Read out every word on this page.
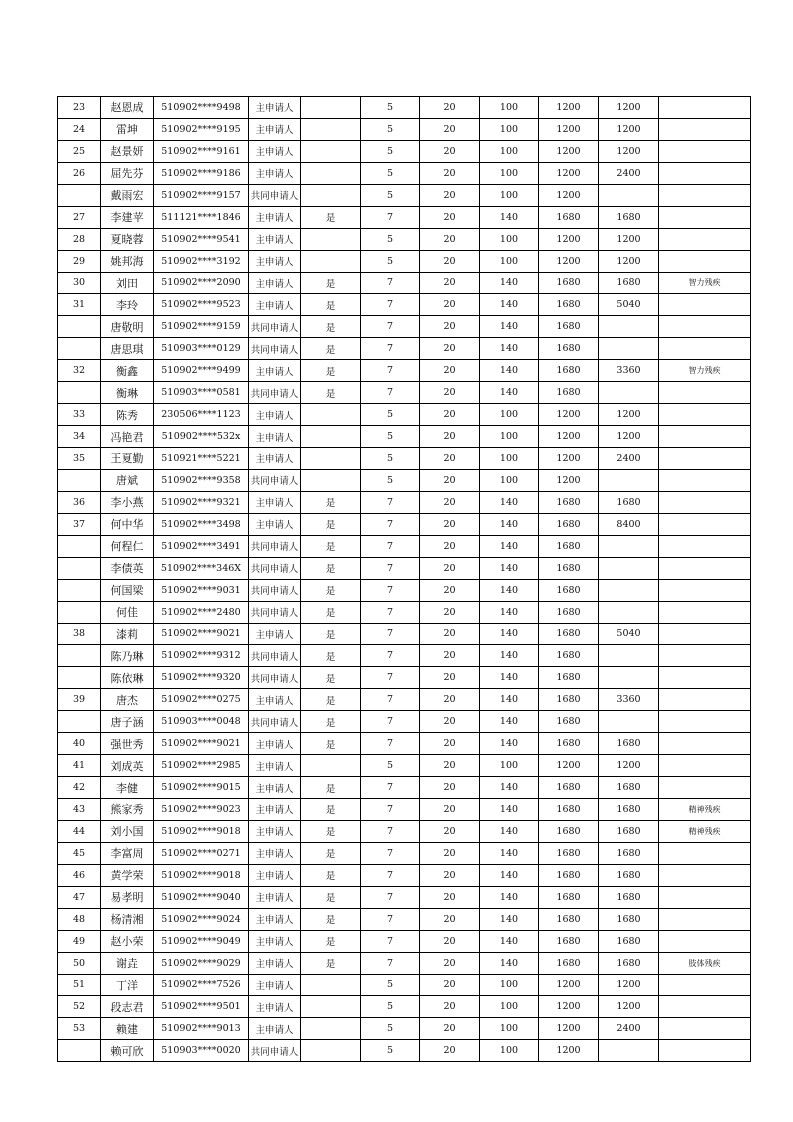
23	赵恩成	510902****9498	主申请人		5	20	100	1200	1200	
24	雷坤	510902****9195	主申请人		5	20	100	1200	1200	
25	赵景妍	510902****9161	主申请人		5	20	100	1200	1200	
26	屈先芬	510902****9186	主申请人		5	20	100	1200	2400	
	戴雨宏	510902****9157	共同申请人		5	20	100	1200		
27	李建苹	511121****1846	主申请人	是	7	20	140	1680	1680	
28	夏晓蓉	510902****9541	主申请人		5	20	100	1200	1200	
29	姚邦海	510902****3192	主申请人		5	20	100	1200	1200	
30	刘田	510902****2090	主申请人	是	7	20	140	1680	1680	智力残疾
31	李玲	510902****9523	主申请人	是	7	20	140	1680	5040	
	唐敬明	510902****9159	共同申请人	是	7	20	140	1680		
	唐思琪	510903****0129	共同申请人	是	7	20	140	1680		
32	衡鑫	510902****9499	主申请人	是	7	20	140	1680	3360	智力残疾
	衡琳	510903****0581	共同申请人	是	7	20	140	1680		
33	陈秀	230506****1123	主申请人		5	20	100	1200	1200	
34	冯艳君	510902****532x	主申请人		5	20	100	1200	1200	
35	王夏勤	510921****5221	主申请人		5	20	100	1200	2400	
	唐斌	510902****9358	共同申请人		5	20	100	1200		
36	李小燕	510902****9321	主申请人	是	7	20	140	1680	1680	
37	何中华	510902****3498	主申请人	是	7	20	140	1680	8400	
	何程仁	510902****3491	共同申请人	是	7	20	140	1680		
	李债英	510902****346X	共同申请人	是	7	20	140	1680		
	何国梁	510902****9031	共同申请人	是	7	20	140	1680		
	何佳	510902****2480	共同申请人	是	7	20	140	1680		
38	漆莉	510902****9021	主申请人	是	7	20	140	1680	5040	
	陈乃琳	510902****9312	共同申请人	是	7	20	140	1680		
	陈依琳	510902****9320	共同申请人	是	7	20	140	1680		
39	唐杰	510902****0275	主申请人	是	7	20	140	1680	3360	
	唐子涵	510903****0048	共同申请人	是	7	20	140	1680		
40	强世秀	510902****9021	主申请人	是	7	20	140	1680	1680	
41	刘成英	510902****2985	主申请人		5	20	100	1200	1200	
42	李健	510902****9015	主申请人	是	7	20	140	1680	1680	
43	熊家秀	510902****9023	主申请人	是	7	20	140	1680	1680	精神残疾
44	刘小国	510902****9018	主申请人	是	7	20	140	1680	1680	精神残疾
45	李富周	510902****0271	主申请人	是	7	20	140	1680	1680	
46	黄学荣	510902****9018	主申请人	是	7	20	140	1680	1680	
47	易孝明	510902****9040	主申请人	是	7	20	140	1680	1680	
48	杨清湘	510902****9024	主申请人	是	7	20	140	1680	1680	
49	赵小荣	510902****9049	主申请人	是	7	20	140	1680	1680	
50	谢垚	510902****9029	主申请人	是	7	20	140	1680	1680	肢体残疾
51	丁洋	510902****7526	主申请人		5	20	100	1200	1200	
52	段志君	510902****9501	主申请人		5	20	100	1200	1200	
53	赖建	510902****9013	主申请人		5	20	100	1200	2400	
	赖可欣	510903****0020	共同申请人		5	20	100	1200		
